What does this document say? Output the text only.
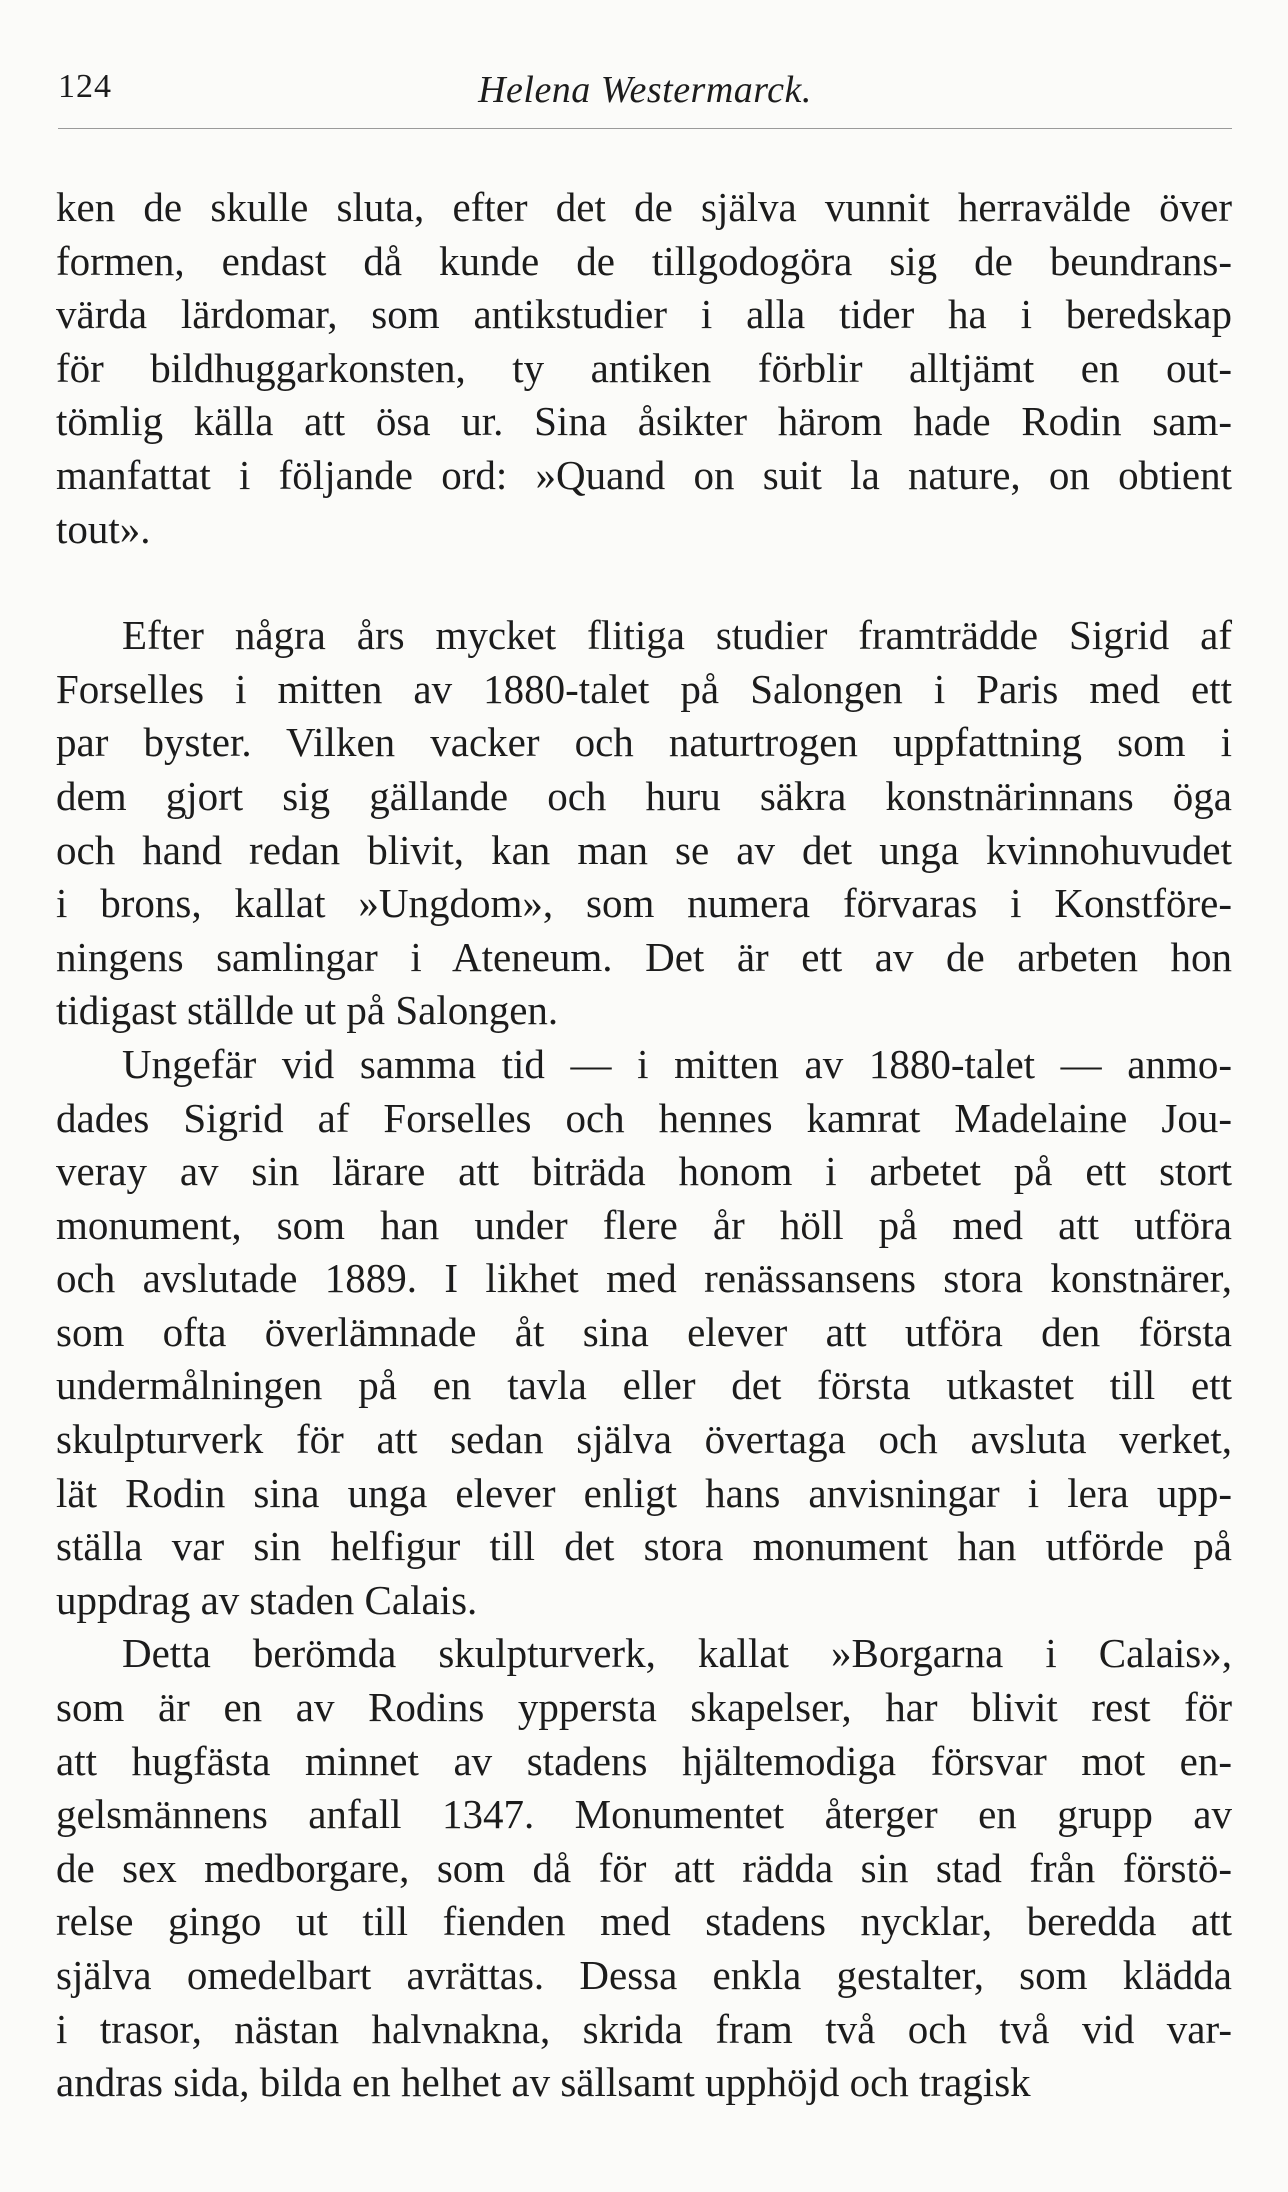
124	Helena Westermarck.
ken de skulle sluta, efter det de själva vunnit herravälde över
formen, endast då kunde de tillgodogöra sig de beundrans-
värda lärdomar, som antikstudier i alla tider ha i beredskap
för bildhuggarkonsten, ty antiken förblir alltjämt en out-
tömlig källa att ösa ur. Sina åsikter härom hade Rodin sam-
manfattat i följande ord: »Quand on suit la nature, on obtient
tout».
Efter några års mycket flitiga studier framträdde Sigrid af
Forselles i mitten av 1880-talet på Salongen i Paris med ett
par byster. Vilken vacker och naturtrogen uppfattning som i
dem gjort sig gällande och huru säkra konstnärinnans öga
och hand redan blivit, kan man se av det unga kvinnohuvudet
i brons, kallat »Ungdom», som numera förvaras i Konstföre-
ningens samlingar i Ateneum. Det är ett av de arbeten hon
tidigast ställde ut på Salongen.
Ungefär vid samma tid — i mitten av 1880-talet — anmo-
dades Sigrid af Forselles och hennes kamrat Madelaine Jou-
veray av sin lärare att biträda honom i arbetet på ett stort
monument, som han under flere år höll på med att utföra
och avslutade 1889. I likhet med renässansens stora konstnärer,
som ofta överlämnade åt sina elever att utföra den första
undermålningen på en tavla eller det första utkastet till ett
skulpturverk för att sedan själva övertaga och avsluta verket,
lät Rodin sina unga elever enligt hans anvisningar i lera upp-
ställa var sin helfigur till det stora monument han utförde på
uppdrag av staden Calais.
Detta berömda skulpturverk, kallat »Borgarna i Calais»,
som är en av Rodins yppersta skapelser, har blivit rest för
att hugfästa minnet av stadens hjältemodiga försvar mot en-
gelsmännens anfall 1347. Monumentet återger en grupp av
de sex medborgare, som då för att rädda sin stad från förstö-
relse gingo ut till fienden med stadens nycklar, beredda att
själva omedelbart avrättas. Dessa enkla gestalter, som klädda
i trasor, nästan halvnakna, skrida fram två och två vid var-
andras sida, bilda en helhet av sällsamt upphöjd och tragisk
